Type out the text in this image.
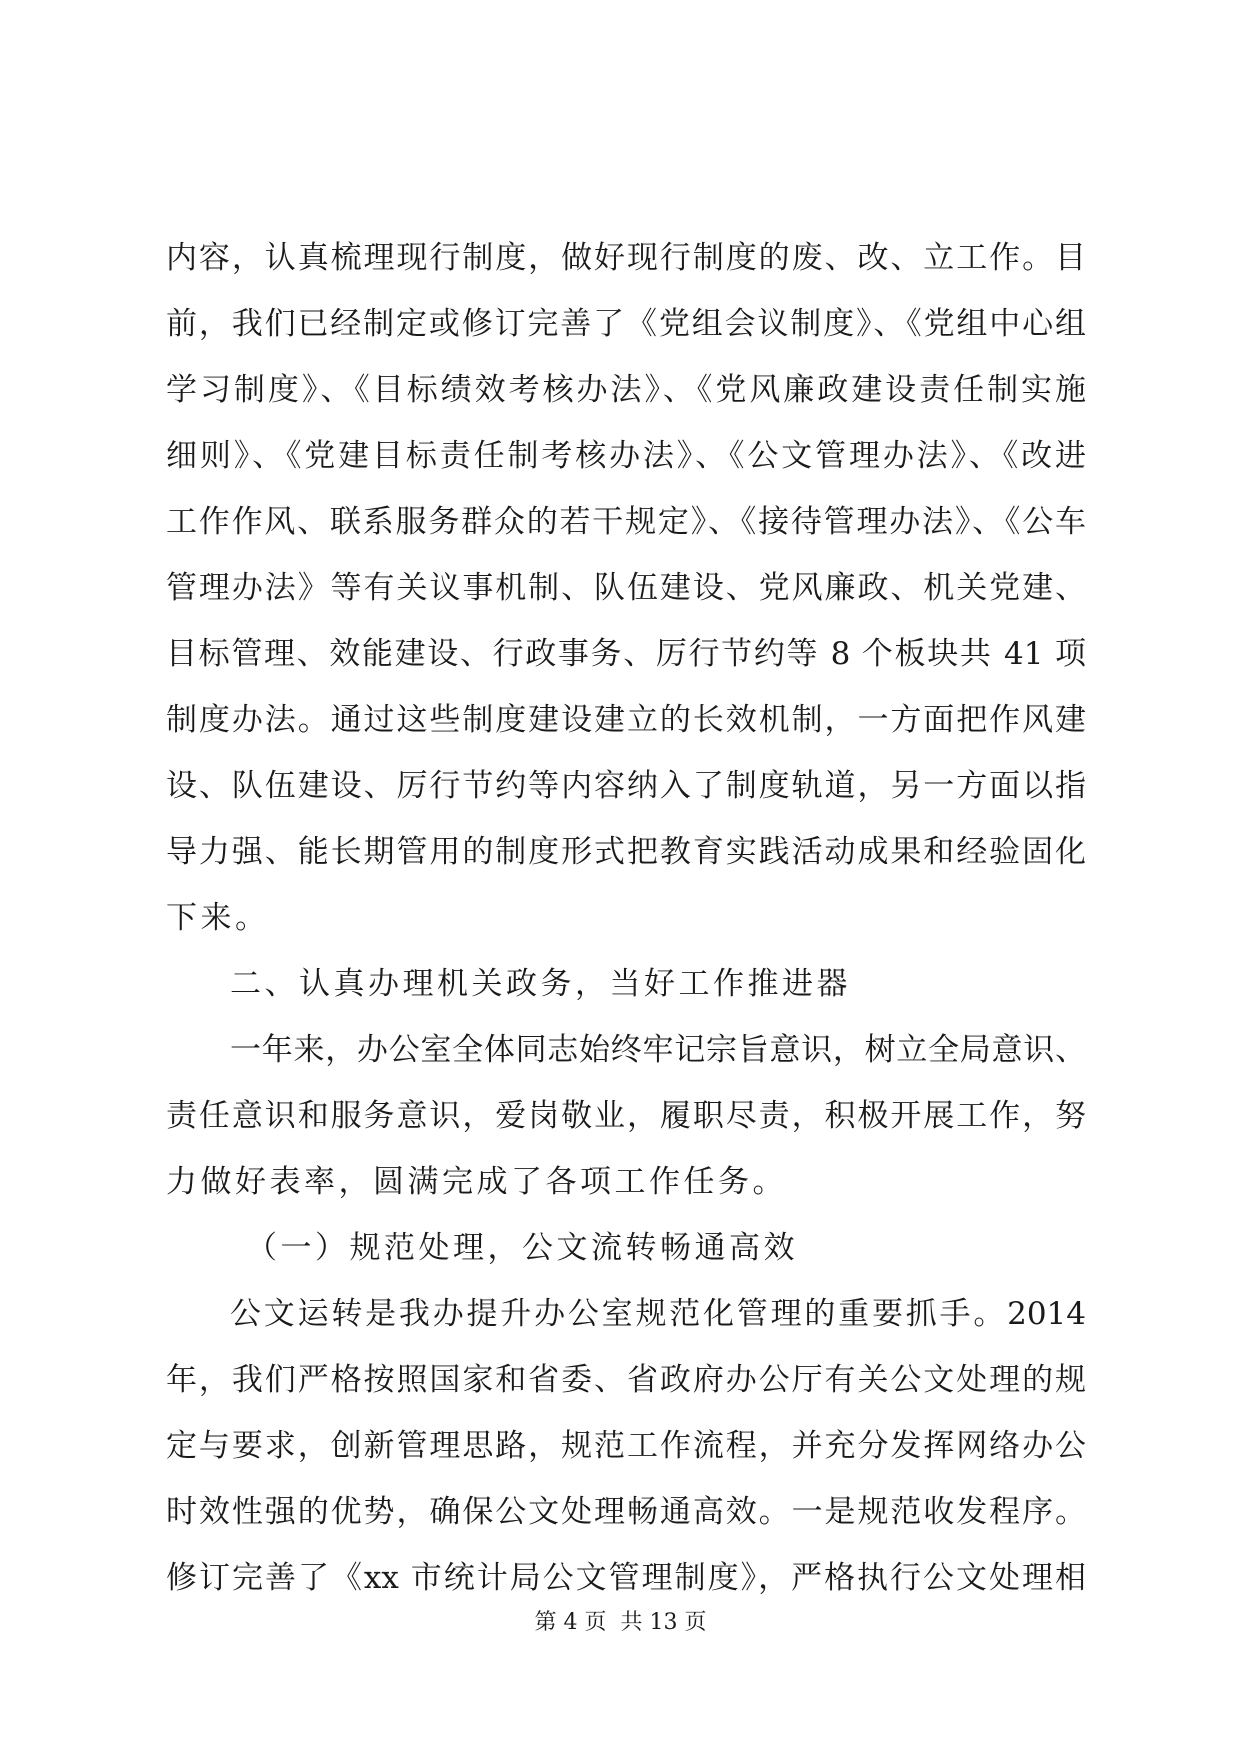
内容，认真梳理现行制度，做好现行制度的废、改、立工作。目
前，我们已经制定或修订完善了《党组会议制度》、《党组中心组
学习制度》、《目标绩效考核办法》、《党风廉政建设责任制实施
细则》、《党建目标责任制考核办法》、《公文管理办法》、《改进
工作作风、联系服务群众的若干规定》、《接待管理办法》、《公车
管理办法》等有关议事机制、队伍建设、党风廉政、机关党建、
目标管理、效能建设、行政事务、厉行节约等 8 个板块共 41 项
制度办法。通过这些制度建设建立的长效机制，一方面把作风建
设、队伍建设、厉行节约等内容纳入了制度轨道，另一方面以指
导力强、能长期管用的制度形式把教育实践活动成果和经验固化
下来。
二、认真办理机关政务，当好工作推进器
一年来，办公室全体同志始终牢记宗旨意识，树立全局意识、
责任意识和服务意识，爱岗敬业，履职尽责，积极开展工作，努
力做好表率，圆满完成了各项工作任务。
（一）规范处理，公文流转畅通高效
公文运转是我办提升办公室规范化管理的重要抓手。2014
年，我们严格按照国家和省委、省政府办公厅有关公文处理的规
定与要求，创新管理思路，规范工作流程，并充分发挥网络办公
时效性强的优势，确保公文处理畅通高效。一是规范收发程序。
修订完善了《xx 市统计局公文管理制度》，严格执行公文处理相
第 4 页  共 13 页
